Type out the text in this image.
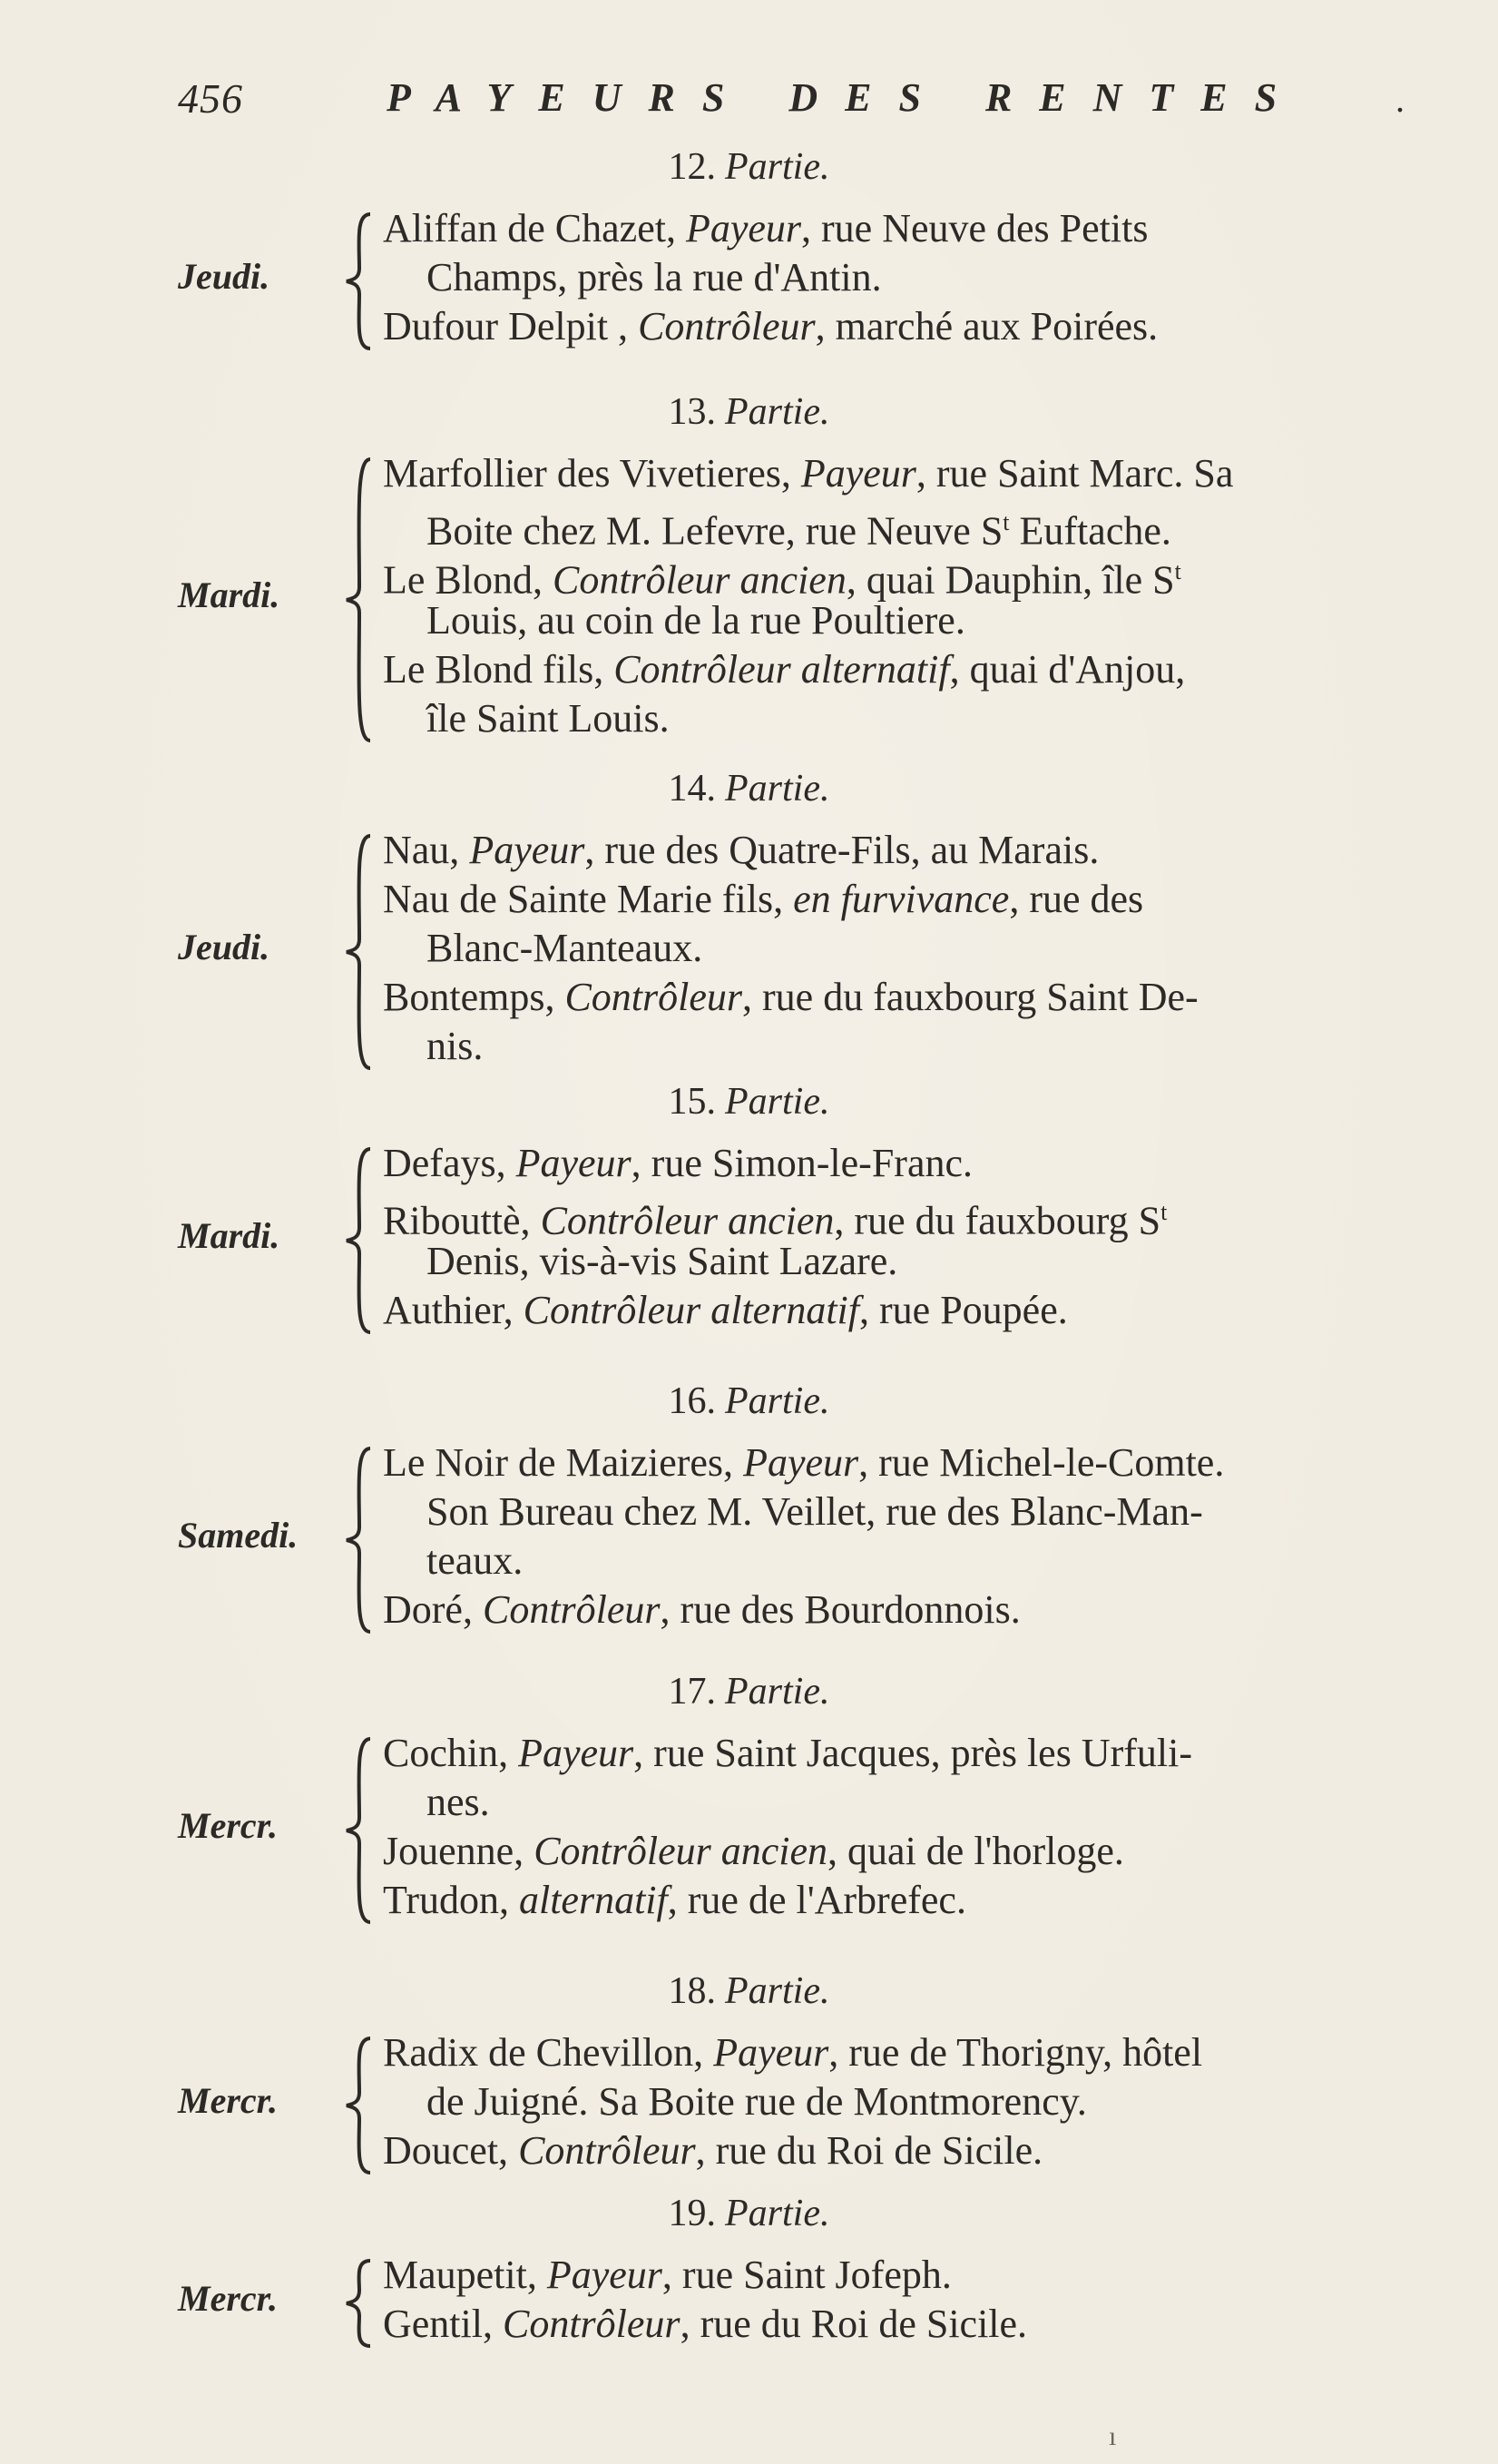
456	PAYEURS DES RENTES	.
12. Partie.
Aliffan de Chazet, Payeur, rue Neuve des Petits
Champs, près la rue d'Antin.
Dufour Delpit , Contrôleur, marché aux Poirées.
Jeudi.
13. Partie.
Marfollier des Vivetieres, Payeur, rue Saint Marc. Sa
Boite chez M. Lefevre, rue Neuve $S^t$ Euftache.
Le Blond, Contrôleur ancien, quai Dauphin, île $S^t$
Louis, au coin de la rue Poultiere.
Le Blond fils, Contrôleur alternatif, quai d'Anjou,
île Saint Louis.
Mardi.
14. Partie.
Nau, Payeur, rue des Quatre-Fils, au Marais.
Nau de Sainte Marie fils, en furvivance, rue des
Blanc-Manteaux.
Bontemps, Contrôleur, rue du fauxbourg Saint De-
nis.
Jeudi.
15. Partie.
Defays, Payeur, rue Simon-le-Franc.
Ribouttè, Contrôleur ancien, rue du fauxbourg $S^t$
Denis, vis-à-vis Saint Lazare.
Authier, Contrôleur alternatif, rue Poupée.
Mardi.
16. Partie.
Le Noir de Maizieres, Payeur, rue Michel-le-Comte.
Son Bureau chez M. Veillet, rue des Blanc-Man-
teaux.
Doré, Contrôleur, rue des Bourdonnois.
Samedi.
17. Partie.
Cochin, Payeur, rue Saint Jacques, près les Urfuli-
nes.
Jouenne, Contrôleur ancien, quai de l'horloge.
Trudon, alternatif, rue de l'Arbrefec.
Mercr.
18. Partie.
Radix de Chevillon, Payeur, rue de Thorigny, hôtel
de Juigné. Sa Boite rue de Montmorency.
Doucet, Contrôleur, rue du Roi de Sicile.
Mercr.
19. Partie.
Maupetit, Payeur, rue Saint Jofeph.
Gentil, Contrôleur, rue du Roi de Sicile.
Mercr.
ı
